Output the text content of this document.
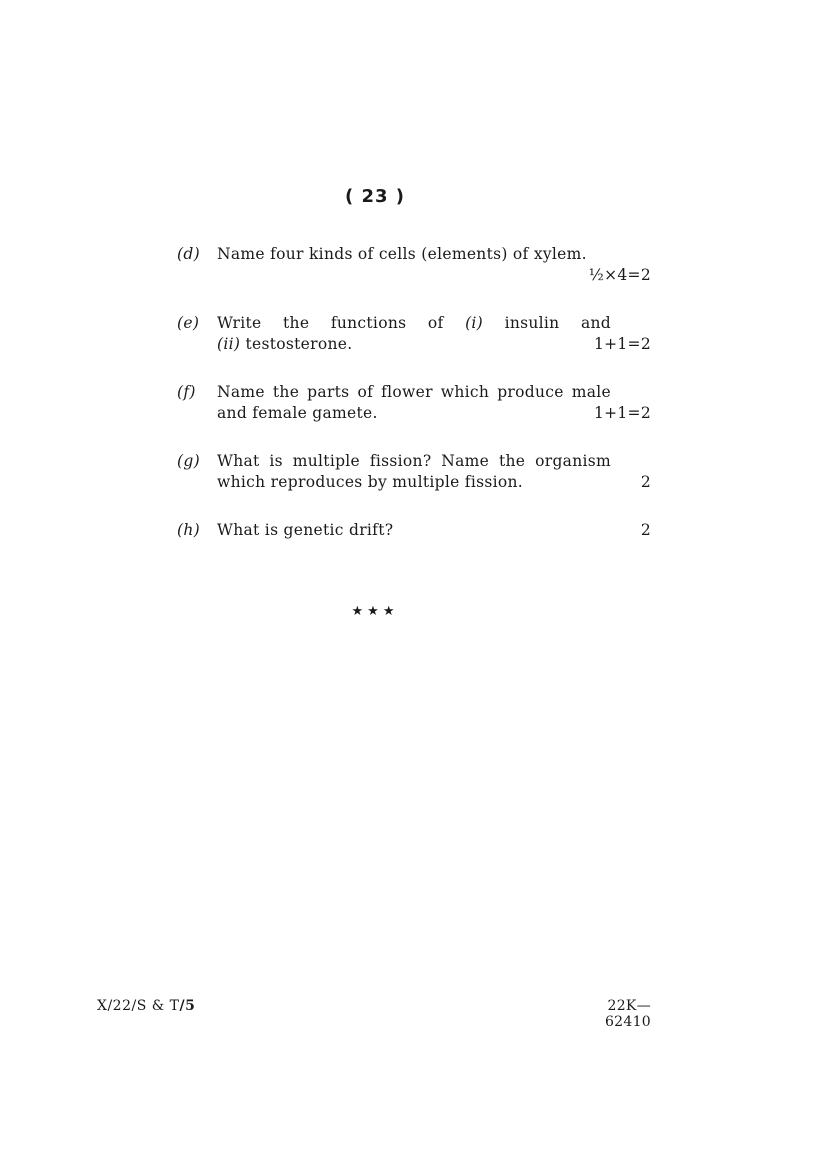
( 23 )
(d) Name four kinds of cells (elements) of xylem.
½×4=2
(e) Write the functions of (i) insulin and
(ii) testosterone.	1+1=2
(f) Name the parts of flower which produce male
and female gamete.	1+1=2
(g) What is multiple fission? Name the organism
which reproduces by multiple fission.	2
(h) What is genetic drift?	2
★★★
X/22/S & T/5	22K—62410
